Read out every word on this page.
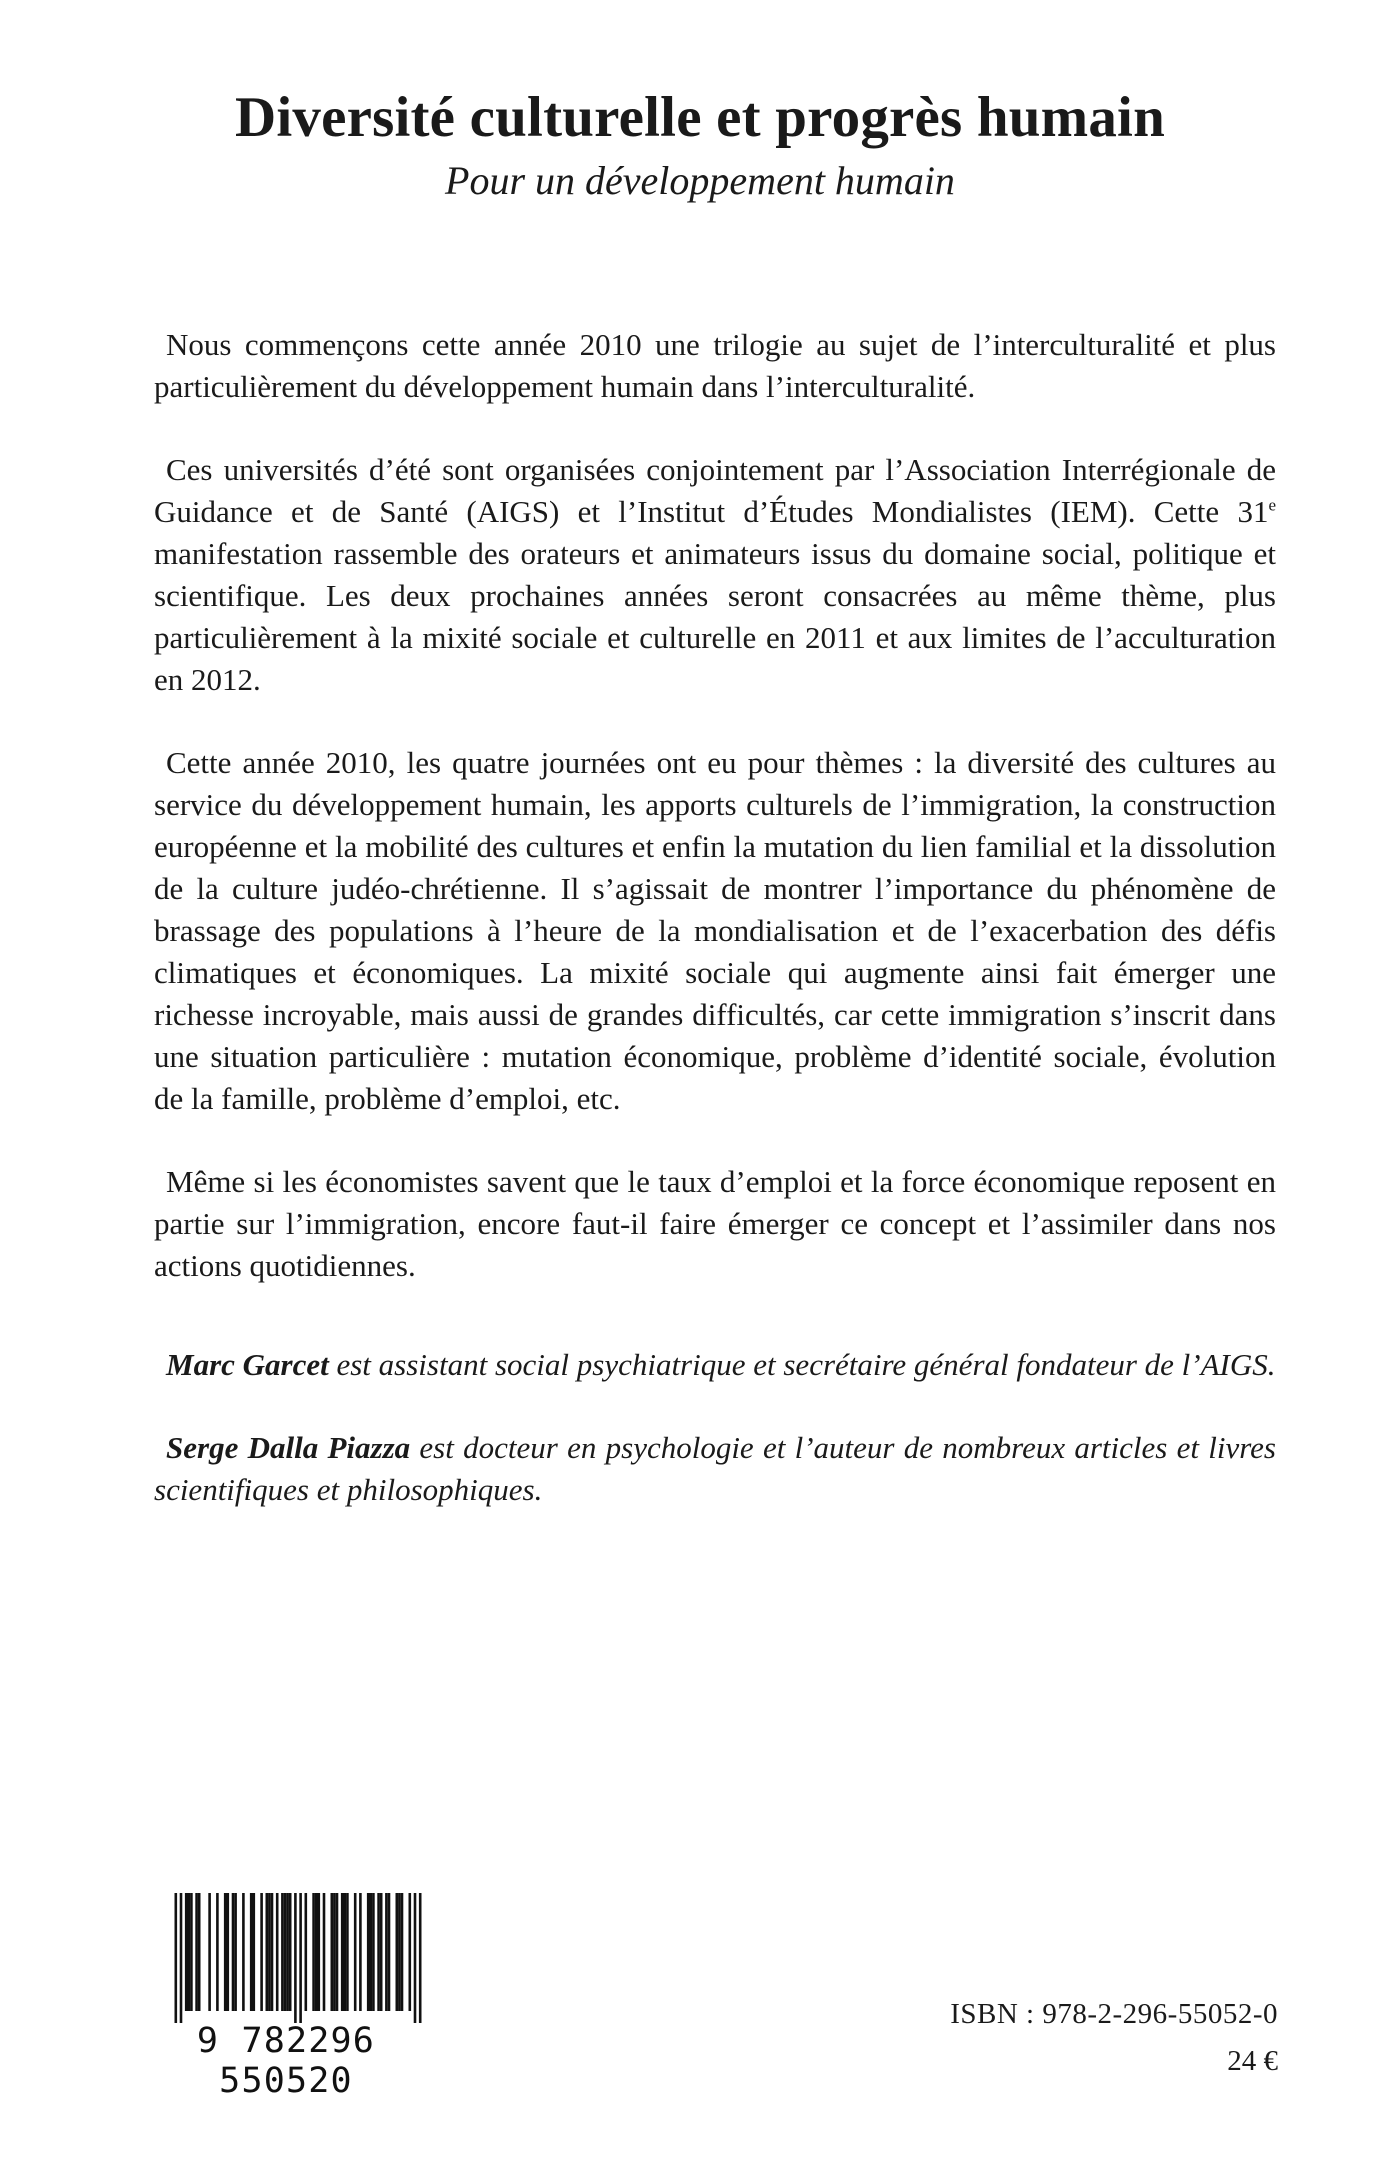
Diversité culturelle et progrès humain
Pour un développement humain

Nous commençons cette année 2010 une trilogie au sujet de l’interculturalité et plus particulièrement du développement humain dans l’interculturalité.

Ces universités d’été sont organisées conjointement par l’Association Interrégionale de Guidance et de Santé (AIGS) et l’Institut d’Études Mondialistes (IEM). Cette 31e manifestation rassemble des orateurs et animateurs issus du domaine social, politique et scientifique. Les deux prochaines années seront consacrées au même thème, plus particulièrement à la mixité sociale et culturelle en 2011 et aux limites de l’acculturation en 2012.

Cette année 2010, les quatre journées ont eu pour thèmes : la diversité des cultures au service du développement humain, les apports culturels de l’immigration, la construction européenne et la mobilité des cultures et enfin la mutation du lien familial et la dissolution de la culture judéo-chrétienne. Il s’agissait de montrer l’importance du phénomène de brassage des populations à l’heure de la mondialisation et de l’exacerbation des défis climatiques et économiques. La mixité sociale qui augmente ainsi fait émerger une richesse incroyable, mais aussi de grandes difficultés, car cette immigration s’inscrit dans une situation particulière : mutation économique, problème d’identité sociale, évolution de la famille, problème d’emploi, etc.

Même si les économistes savent que le taux d’emploi et la force économique reposent en partie sur l’immigration, encore faut-il faire émerger ce concept et l’assimiler dans nos actions quotidiennes.

Marc Garcet est assistant social psychiatrique et secrétaire général fondateur de l’AIGS.

Serge Dalla Piazza est docteur en psychologie et l’auteur de nombreux articles et livres scientifiques et philosophiques.

9 782296 550520
ISBN : 978-2-296-55052-0
24 €
